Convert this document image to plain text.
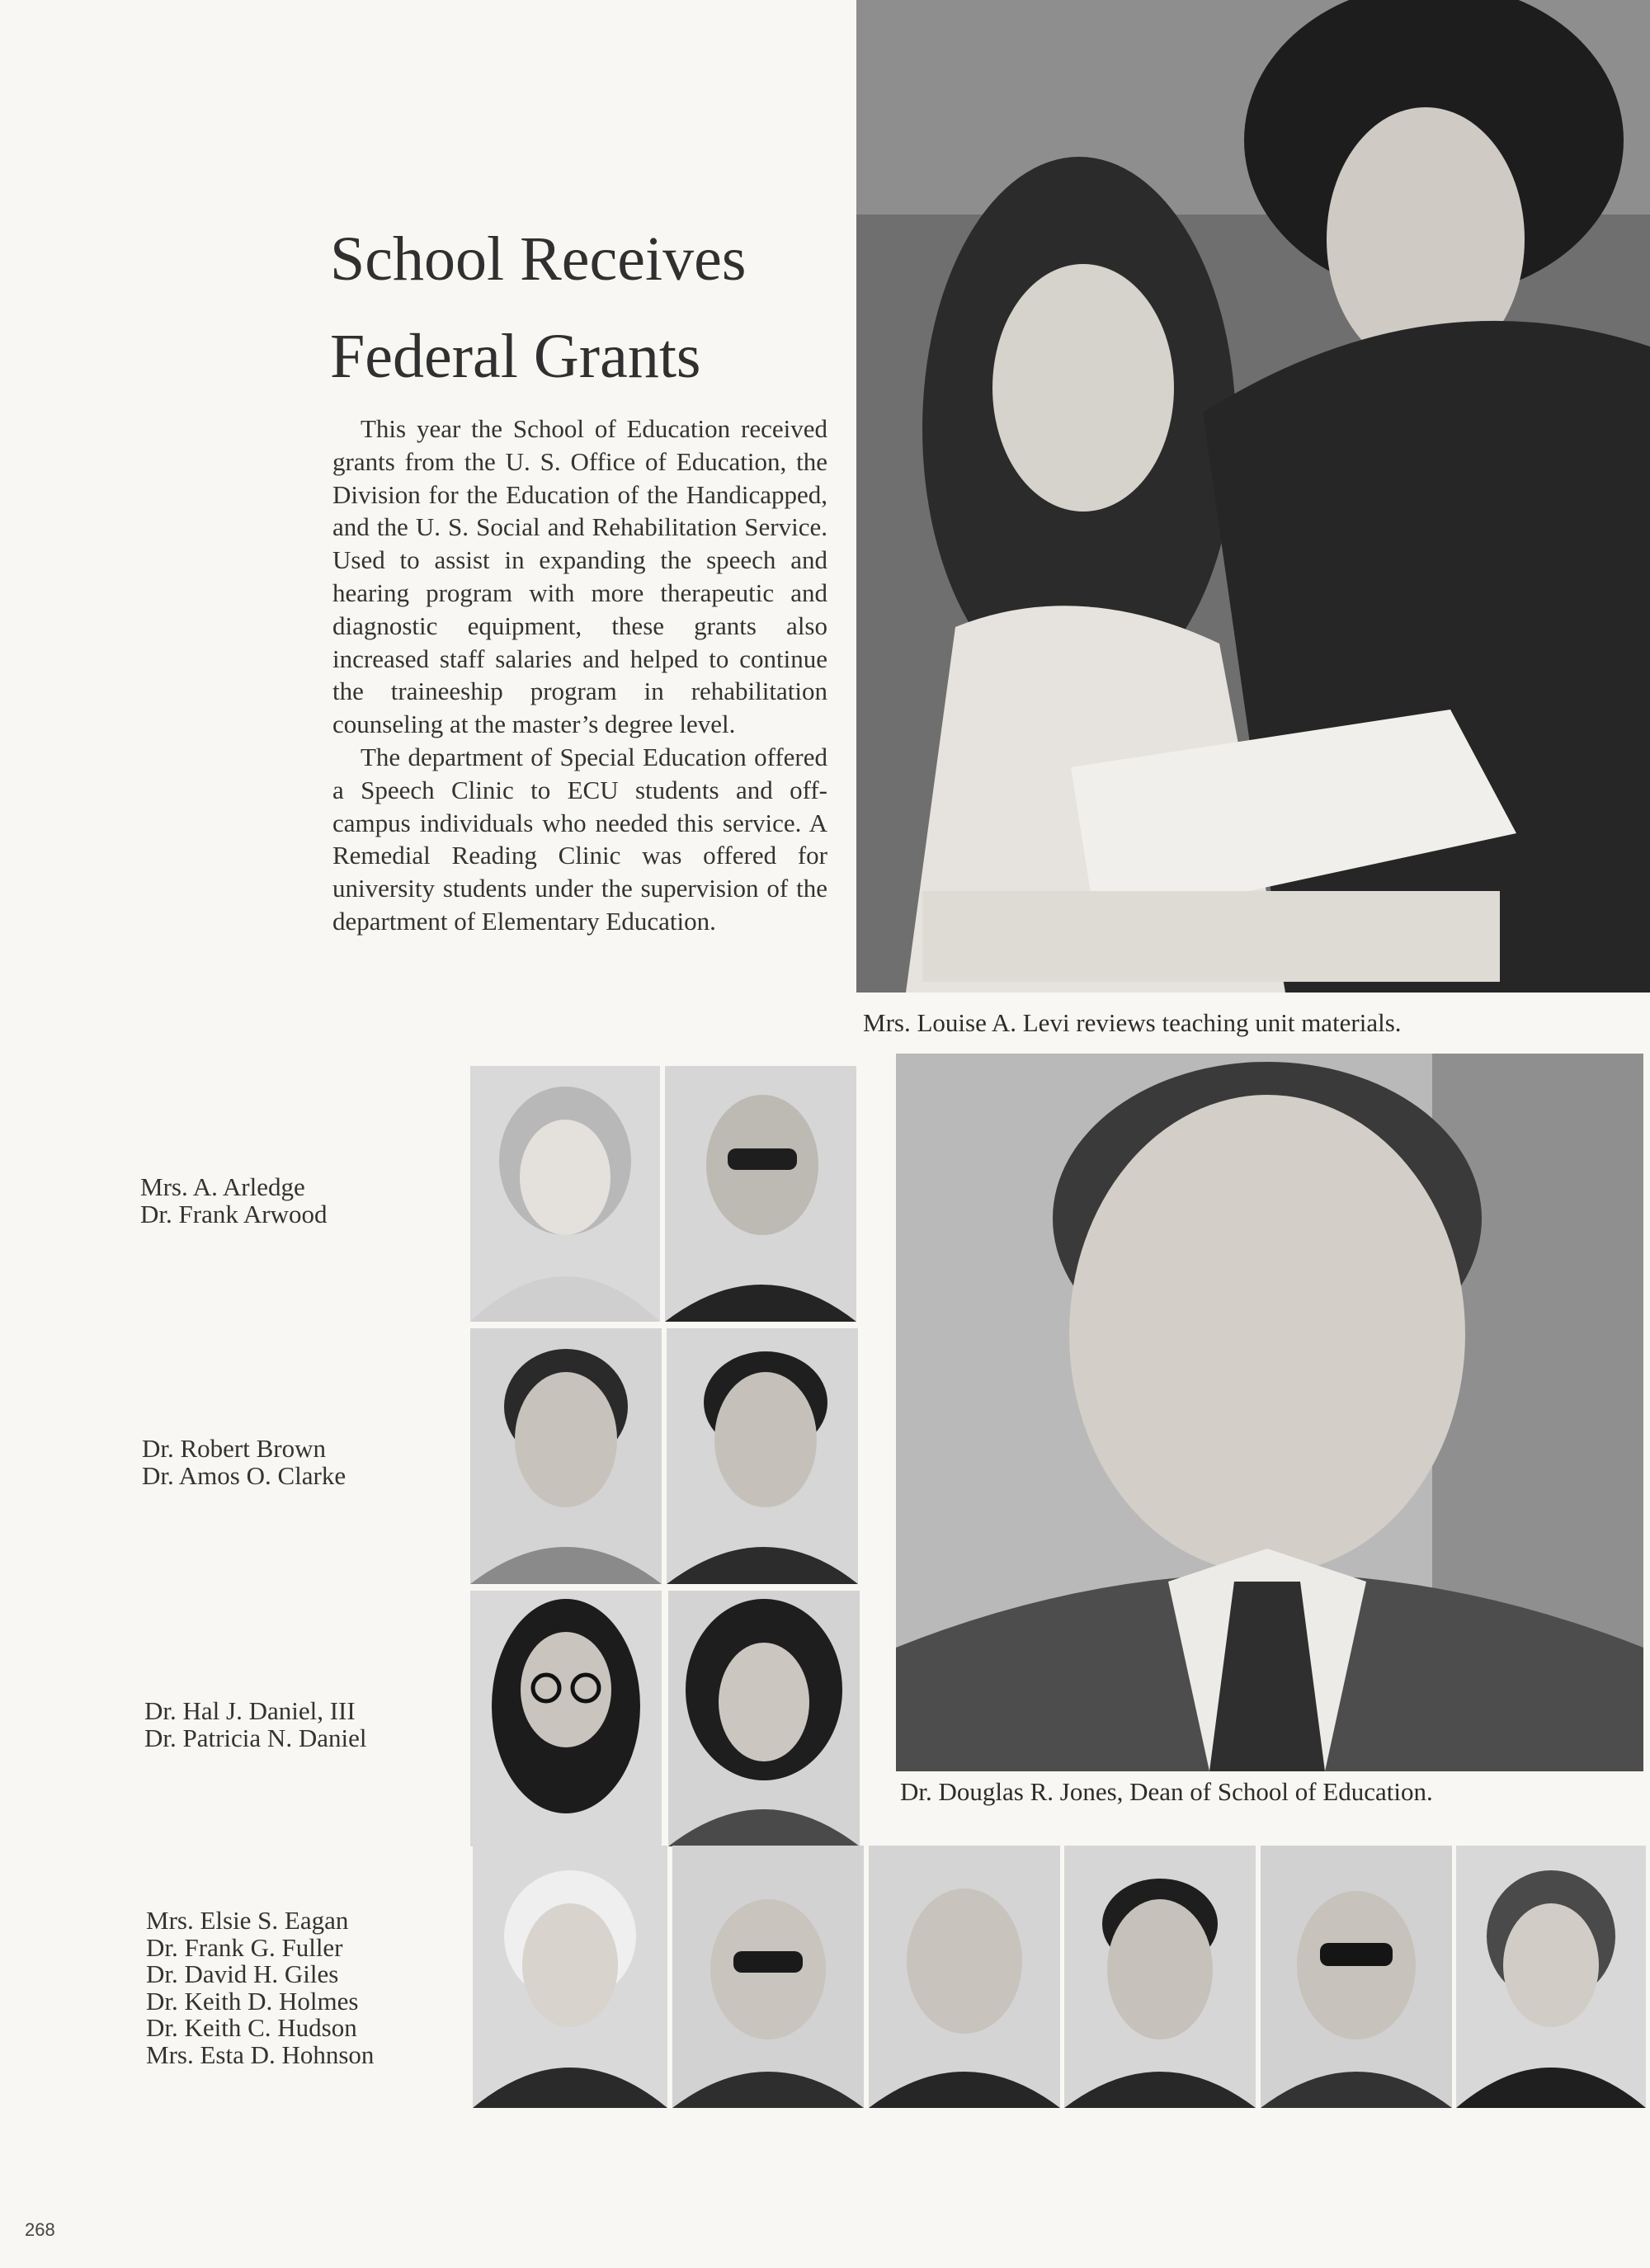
School Receives
Federal Grants

This year the School of Education received grants from the U. S. Office of Education, the Division for the Education of the Handicapped, and the U. S. Social and Rehabilitation Service. Used to assist in expanding the speech and hearing program with more therapeutic and diagnostic equipment, these grants also increased staff salaries and helped to continue the traineeship program in rehabilitation counseling at the master’s degree level.

The department of Special Education offered a Speech Clinic to ECU students and off-campus individuals who needed this service. A Remedial Reading Clinic was offered for university students under the supervision of the department of Elementary Education.

Mrs. Louise A. Levi reviews teaching unit materials.
Dr. Douglas R. Jones, Dean of School of Education.
Mrs. A. Arledge
Dr. Frank Arwood
Dr. Robert Brown
Dr. Amos O. Clarke
Dr. Hal J. Daniel, III
Dr. Patricia N. Daniel
Mrs. Elsie S. Eagan
Dr. Frank G. Fuller
Dr. David H. Giles
Dr. Keith D. Holmes
Dr. Keith C. Hudson
Mrs. Esta D. Hohnson
268
